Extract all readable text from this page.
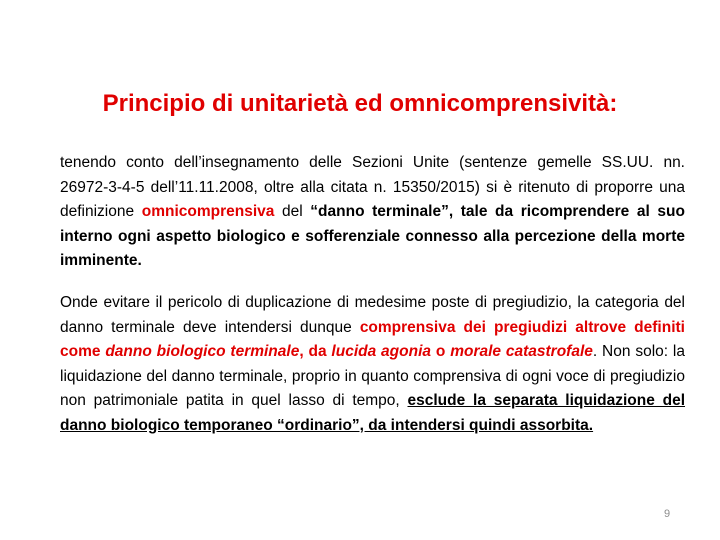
Principio di unitarietà ed omnicomprensività:

tenendo conto dell’insegnamento delle Sezioni Unite (sentenze gemelle SS.UU. nn. 26972-3-4-5 dell’11.11.2008, oltre alla citata n. 15350/2015) si è ritenuto di proporre una definizione omnicomprensiva del “danno terminale”, tale da ricomprendere al suo interno ogni aspetto biologico e sofferenziale connesso alla percezione della morte imminente.

Onde evitare il pericolo di duplicazione di medesime poste di pregiudizio, la categoria del danno terminale deve intendersi dunque comprensiva dei pregiudizi altrove definiti come danno biologico terminale, da lucida agonia o morale catastrofale. Non solo: la liquidazione del danno terminale, proprio in quanto comprensiva di ogni voce di pregiudizio non patrimoniale patita in quel lasso di tempo, esclude la separata liquidazione del danno biologico temporaneo “ordinario”, da intendersi quindi assorbita.

9
